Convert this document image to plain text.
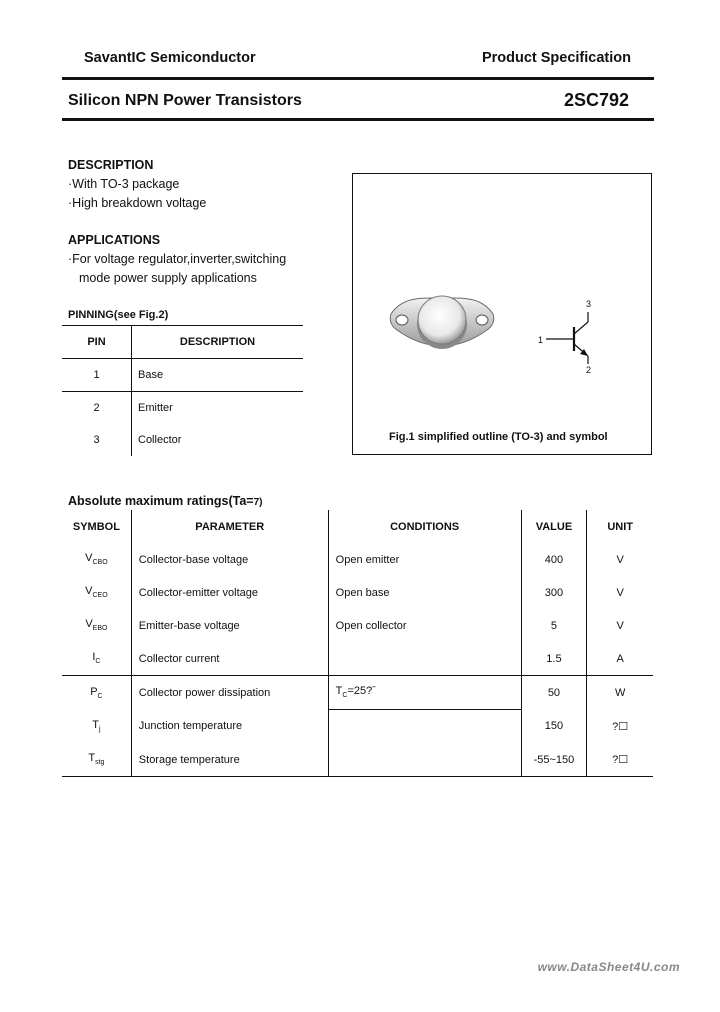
SavantIC Semiconductor	Product Specification
Silicon NPN Power Transistors	2SC792
DESCRIPTION
·With TO-3 package
·High breakdown voltage
APPLICATIONS
·For voltage regulator,inverter,switching
mode power supply applications
PINNING(see Fig.2)
PIN	DESCRIPTION
1	Base
2	Emitter
3	Collector
1
2
3
Fig.1 simplified outline (TO-3) and symbol
Absolute maximum ratings(Ta=7)
SYMBOL	PARAMETER	CONDITIONS	VALUE	UNIT
$V_{CBO}$	Collector-base voltage	Open emitter	400	V
$V_{CEO}$	Collector-emitter voltage	Open base	300	V
$V_{EBO}$	Emitter-base voltage	Open collector	5	V
$I_C$	Collector current		1.5	A
$P_C$	Collector power dissipation	$T_C=25?ˉ$	50	W
$T_j$	Junction temperature		150	?☐
$T_{stg}$	Storage temperature		-55~150	?☐
www.DataSheet4U.com
